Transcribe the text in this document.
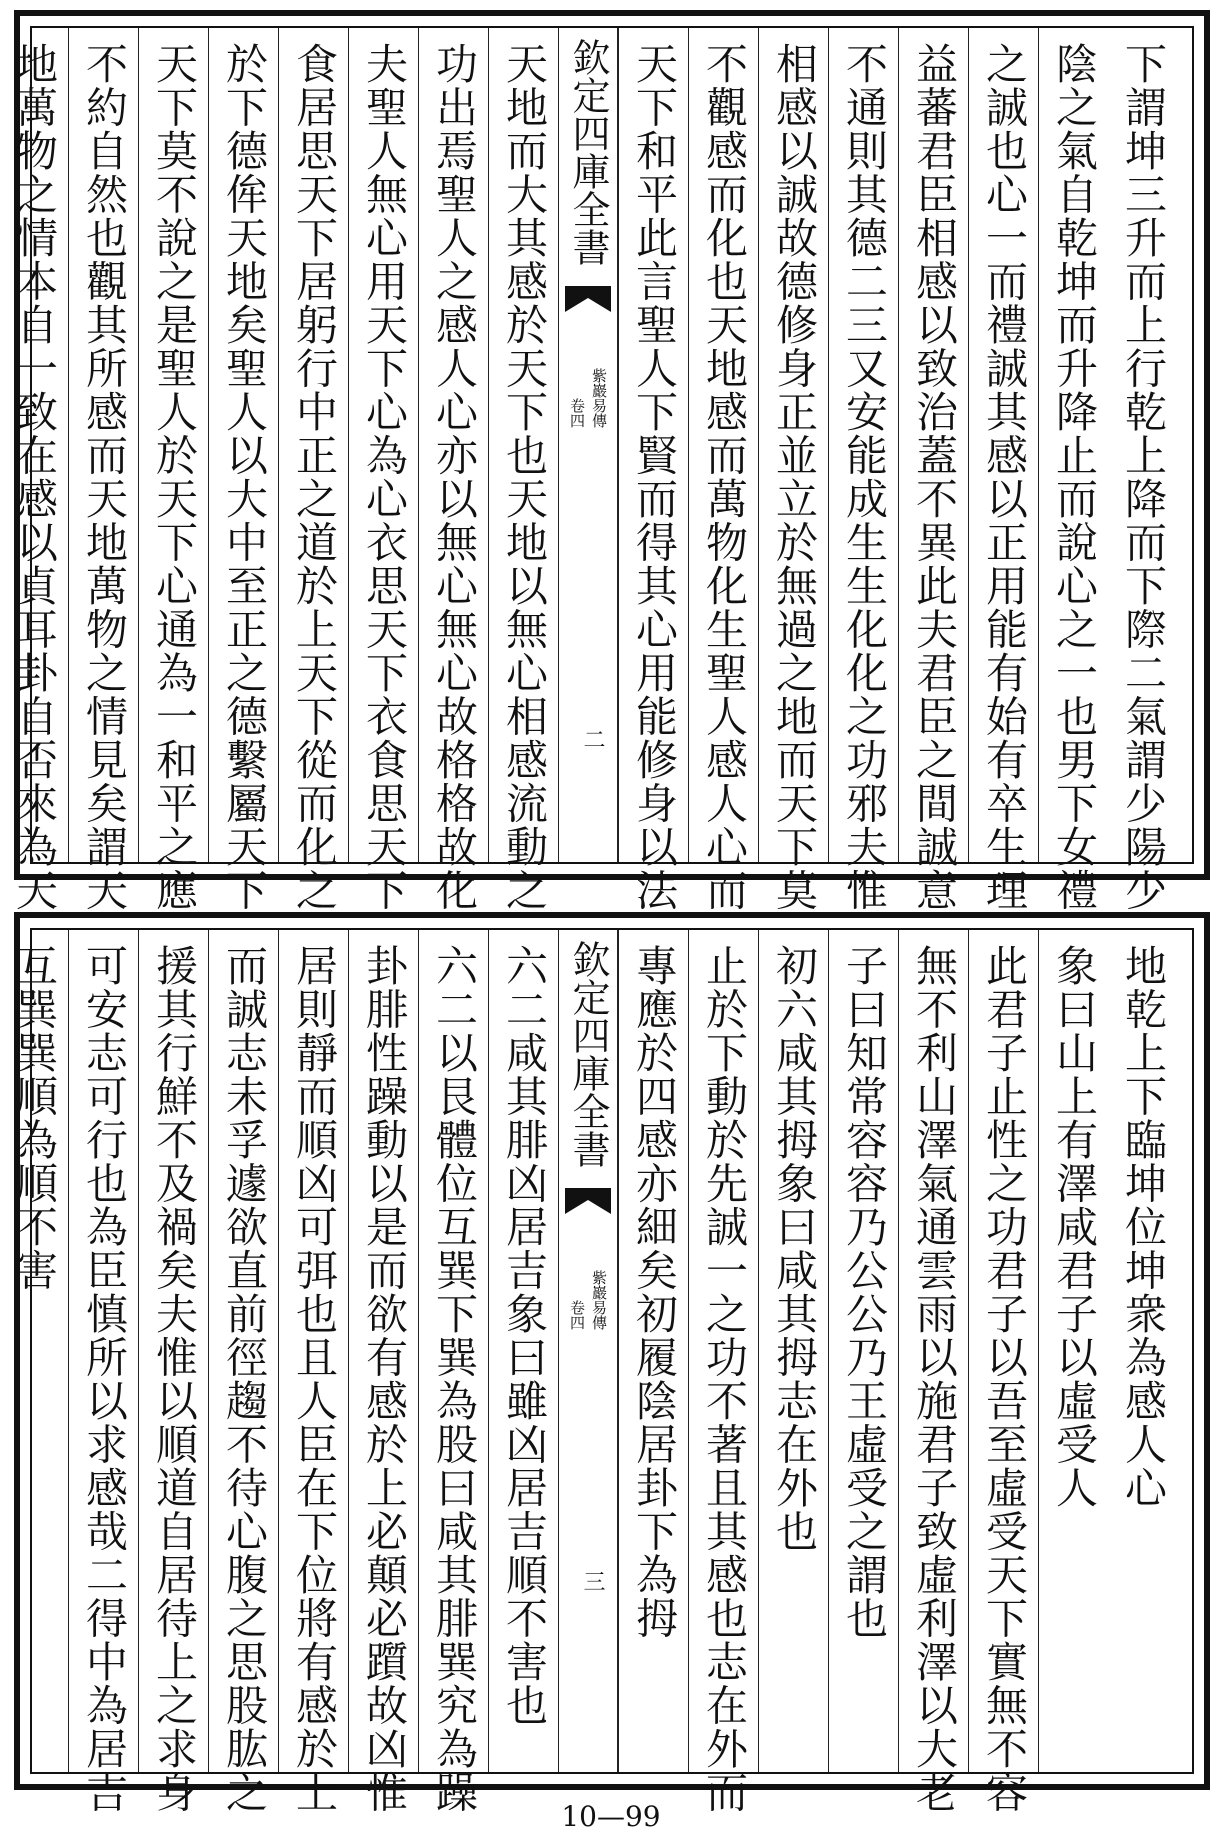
下謂坤三升而上行乾上降而下際二氣謂少陽少
陰之氣自乾坤而升降止而說心之一也男下女禮
之誠也心一而禮誠其感以正用能有始有卒生理
益蕃君臣相感以致治蓋不異此夫君臣之間誠意
不通則其德二三又安能成生生化化之功邪夫惟
相感以誠故德修身正並立於無過之地而天下莫
不觀感而化也天地感而萬物化生聖人感人心而
天下和平此言聖人下賢而得其心用能修身以法
欽定四庫全書
紫巖易傳
卷四
二
天地而大其感於天下也天地以無心相感流動之
功出焉聖人之感人心亦以無心無心故格格故化
夫聖人無心用天下心為心衣思天下衣食思天下
食居思天下居躬行中正之道於上天下從而化之
於下德侔天地矣聖人以大中至正之德繫屬天下
天下莫不說之是聖人於天下心通為一和平之應
不約自然也觀其所感而天地萬物之情見矣謂天
地萬物之情本自一致在感以貞耳卦自否來為天
地乾上下臨坤位坤衆為感人心
象曰山上有澤咸君子以虛受人
此君子止性之功君子以吾至虛受天下實無不容
無不利山澤氣通雲雨以施君子致虛利澤以大老
子曰知常容容乃公公乃王虛受之謂也
初六咸其拇象曰咸其拇志在外也
止於下動於先誠一之功不著且其感也志在外而
專應於四感亦細矣初履陰居卦下為拇
欽定四庫全書
紫巖易傳
卷四
三
六二咸其腓凶居吉象曰雖凶居吉順不害也
六二以艮體位互巽下巽為股曰咸其腓巽究為躁
卦腓性躁動以是而欲有感於上必顛必躓故凶惟
居則靜而順凶可弭也且人臣在下位將有感於上
而誠志未孚遽欲直前徑趨不待心腹之思股肱之
援其行鮮不及禍矣夫惟以順道自居待上之求身
可安志可行也為臣慎所以求感哉二得中為居吉
互巽巽順為順不害
10—99
